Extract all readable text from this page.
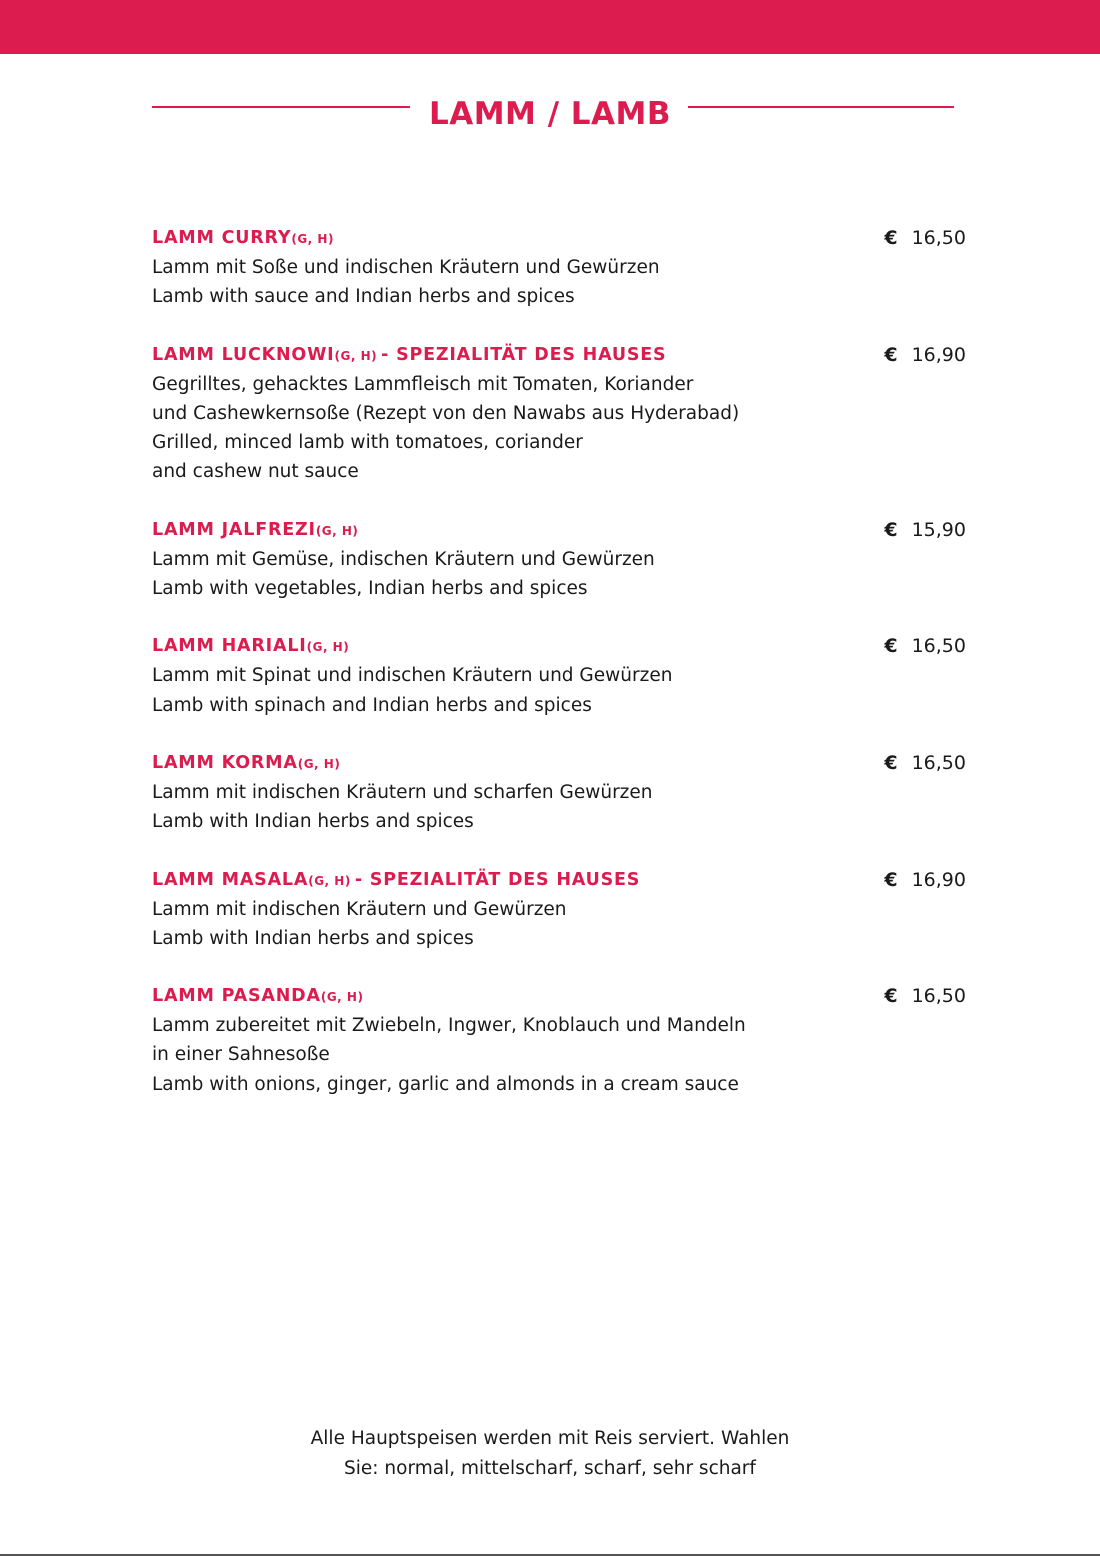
LAMM / LAMB
LAMM CURRY(G, H)	€ 16,50
Lamm mit Soße und indischen Kräutern und Gewürzen
Lamb with sauce and Indian herbs and spices
LAMM LUCKNOWI(G, H) - SPEZIALITÄT DES HAUSES	€ 16,90
Gegrilltes, gehacktes Lammfleisch mit Tomaten, Koriander
und Cashewkernsoße (Rezept von den Nawabs aus Hyderabad)
Grilled, minced lamb with tomatoes, coriander
and cashew nut sauce
LAMM JALFREZI(G, H)	€ 15,90
Lamm mit Gemüse, indischen Kräutern und Gewürzen
Lamb with vegetables, Indian herbs and spices
LAMM HARIALI(G, H)	€ 16,50
Lamm mit Spinat und indischen Kräutern und Gewürzen
Lamb with spinach and Indian herbs and spices
LAMM KORMA(G, H)	€ 16,50
Lamm mit indischen Kräutern und scharfen Gewürzen
Lamb with Indian herbs and spices
LAMM MASALA(G, H) - SPEZIALITÄT DES HAUSES	€ 16,90
Lamm mit indischen Kräutern und Gewürzen
Lamb with Indian herbs and spices
LAMM PASANDA(G, H)	€ 16,50
Lamm zubereitet mit Zwiebeln, Ingwer, Knoblauch und Mandeln
in einer Sahnesoße
Lamb with onions, ginger, garlic and almonds in a cream sauce
Alle Hauptspeisen werden mit Reis serviert. Wahlen
Sie: normal, mittelscharf, scharf, sehr scharf
